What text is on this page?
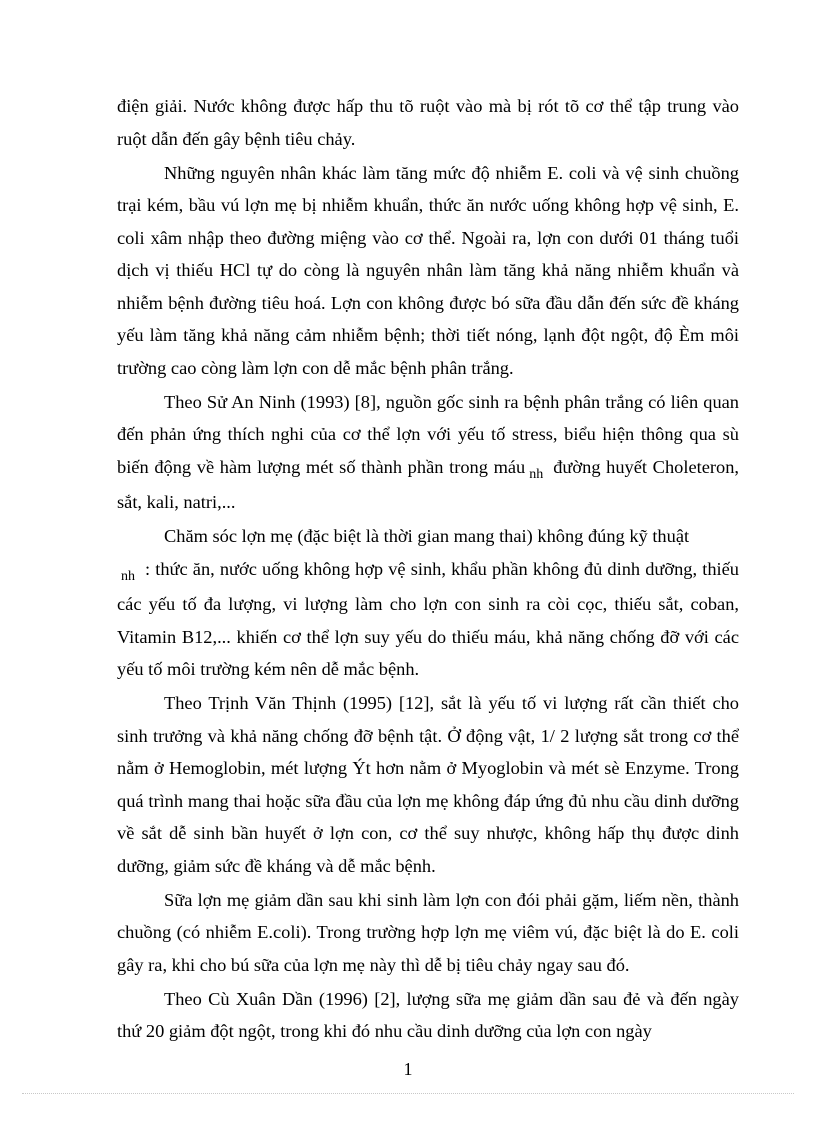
điện giải. Nước không được hấp thu tõ ruột vào mà bị rót tõ cơ thể tập trung vào ruột dẫn đến gây bệnh tiêu chảy.

Những nguyên nhân khác làm tăng mức độ nhiễm E. coli và vệ sinh chuồng trại kém, bầu vú lợn mẹ bị nhiễm khuẩn, thức ăn nước uống không hợp vệ sinh, E. coli xâm nhập theo đường miệng vào cơ thể. Ngoài ra, lợn con dưới 01 tháng tuổi dịch vị thiếu HCl tự do còng là nguyên nhân làm tăng khả năng nhiễm khuẩn và nhiễm bệnh đường tiêu hoá. Lợn con không được bó sữa đầu dẫn đến sức đề kháng yếu làm tăng khả năng cảm nhiễm bệnh; thời tiết nóng, lạnh đột ngột, độ Èm môi trường cao còng làm lợn con dễ mắc bệnh phân trắng.

Theo Sử An Ninh (1993) [8], nguồn gốc sinh ra bệnh phân trắng có liên quan đến phản ứng thích nghi của cơ thể lợn với yếu tố stress, biểu hiện thông qua sù biến động về hàm lượng mét số thành phần trong máu $_{nh}$ đường huyết Choleteron, sắt, kali, natri,...

Chăm sóc lợn mẹ (đặc biệt là thời gian mang thai) không đúng kỹ thuật
$_{nh}$ : thức ăn, nước uống không hợp vệ sinh, khẩu phần không đủ dinh dưỡng, thiếu các yếu tố đa lượng, vi lượng làm cho lợn con sinh ra còi cọc, thiếu sắt, coban, Vitamin B12,... khiến cơ thể lợn suy yếu do thiếu máu, khả năng chống đỡ với các yếu tố môi trường kém nên dễ mắc bệnh.

Theo Trịnh Văn Thịnh (1995) [12], sắt là yếu tố vi lượng rất cần thiết cho sinh trưởng và khả năng chống đỡ bệnh tật. Ở động vật, 1/ 2 lượng sắt trong cơ thể nằm ở Hemoglobin, mét lượng Ýt hơn nằm ở Myoglobin và mét sè Enzyme. Trong quá trình mang thai hoặc sữa đầu của lợn mẹ không đáp ứng đủ nhu cầu dinh dưỡng về sắt dễ sinh bần huyết ở lợn con, cơ thể suy nhược, không hấp thụ được dinh dưỡng, giảm sức đề kháng và dễ mắc bệnh.

Sữa lợn mẹ giảm dần sau khi sinh làm lợn con đói phải gặm, liếm nền, thành chuồng (có nhiễm E.coli). Trong trường hợp lợn mẹ viêm vú, đặc biệt là do E. coli gây ra, khi cho bú sữa của lợn mẹ này thì dễ bị tiêu chảy ngay sau đó.

Theo Cù Xuân Dần (1996) [2], lượng sữa mẹ giảm dần sau đẻ và đến ngày thứ 20 giảm đột ngột, trong khi đó nhu cầu dinh dưỡng của lợn con ngày

1
